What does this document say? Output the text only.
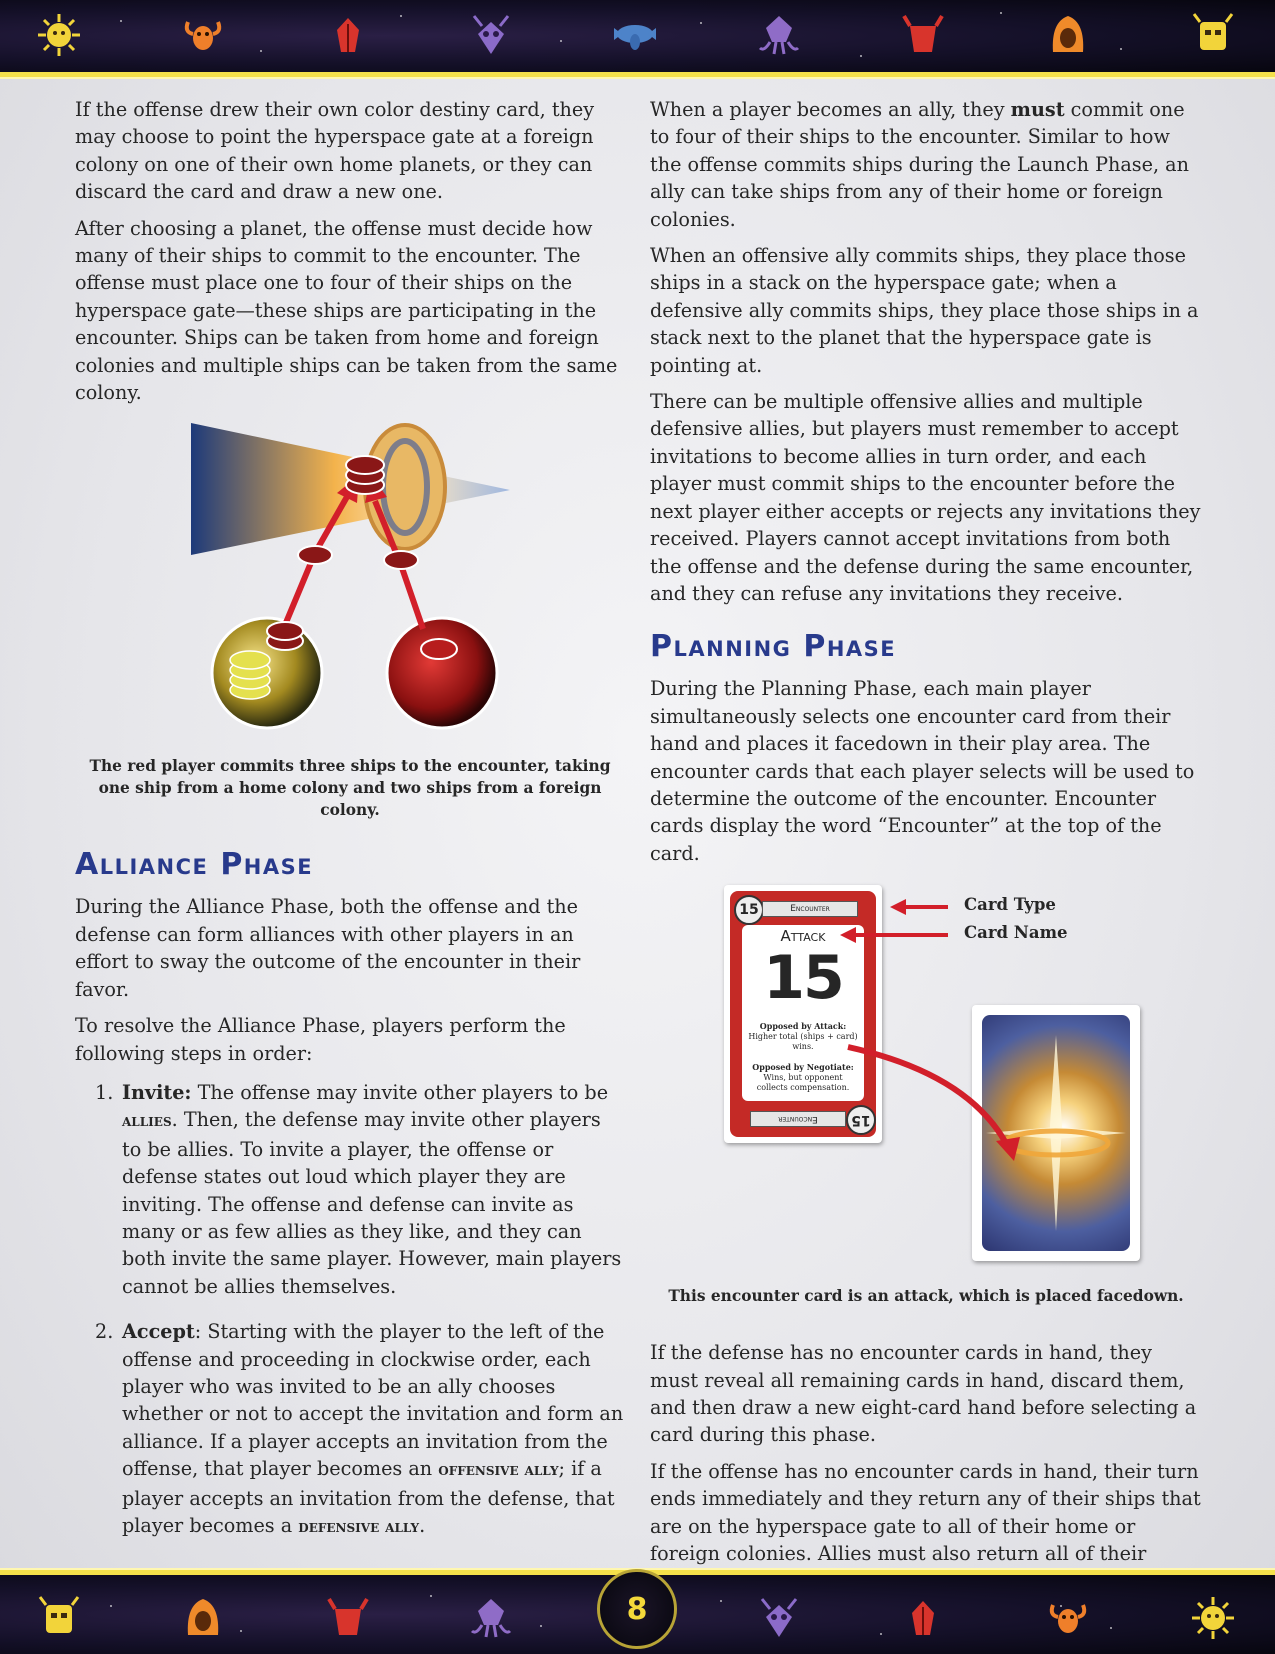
If the offense drew their own color destiny card, they may choose to point the hyperspace gate at a foreign colony on one of their own home planets, or they can discard the card and draw a new one.

After choosing a planet, the offense must decide how many of their ships to commit to the encounter. The offense must place one to four of their ships on the hyperspace gate—these ships are participating in the encounter. Ships can be taken from home and foreign colonies and multiple ships can be taken from the same colony.

The red player commits three ships to the encounter, taking one ship from a home colony and two ships from a foreign colony.

Alliance Phase

During the Alliance Phase, both the offense and the defense can form alliances with other players in an effort to sway the outcome of the encounter in their favor.

To resolve the Alliance Phase, players perform the following steps in order:

1. Invite: The offense may invite other players to be allies. Then, the defense may invite other players to be allies. To invite a player, the offense or defense states out loud which player they are inviting. The offense and defense can invite as many or as few allies as they like, and they can both invite the same player. However, main players cannot be allies themselves.
2. Accept: Starting with the player to the left of the offense and proceeding in clockwise order, each player who was invited to be an ally chooses whether or not to accept the invitation and form an alliance. If a player accepts an invitation from the offense, that player becomes an offensive ally; if a player accepts an invitation from the defense, that player becomes a defensive ally.

When a player becomes an ally, they must commit one to four of their ships to the encounter. Similar to how the offense commits ships during the Launch Phase, an ally can take ships from any of their home or foreign colonies.

When an offensive ally commits ships, they place those ships in a stack on the hyperspace gate; when a defensive ally commits ships, they place those ships in a stack next to the planet that the hyperspace gate is pointing at.

There can be multiple offensive allies and multiple defensive allies, but players must remember to accept invitations to become allies in turn order, and each player must commit ships to the encounter before the next player either accepts or rejects any invitations they received. Players cannot accept invitations from both the offense and the defense during the same encounter, and they can refuse any invitations they receive.

Planning Phase

During the Planning Phase, each main player simultaneously selects one encounter card from their hand and places it facedown in their play area. The encounter cards that each player selects will be used to determine the outcome of the encounter. Encounter cards display the word “Encounter” at the top of the card.

15	Encounter
Attack
15
Opposed by Attack:
Higher total (ships + card) wins.

Opposed by Negotiate:
Wins, but opponent collects compensation.
Encounter	15
Card Type
Card Name

This encounter card is an attack, which is placed facedown.

If the defense has no encounter cards in hand, they must reveal all remaining cards in hand, discard them, and then draw a new eight-card hand before selecting a card during this phase.

If the offense has no encounter cards in hand, their turn ends immediately and they return any of their ships that are on the hyperspace gate to all of their home or foreign colonies. Allies must also return all of their

8
